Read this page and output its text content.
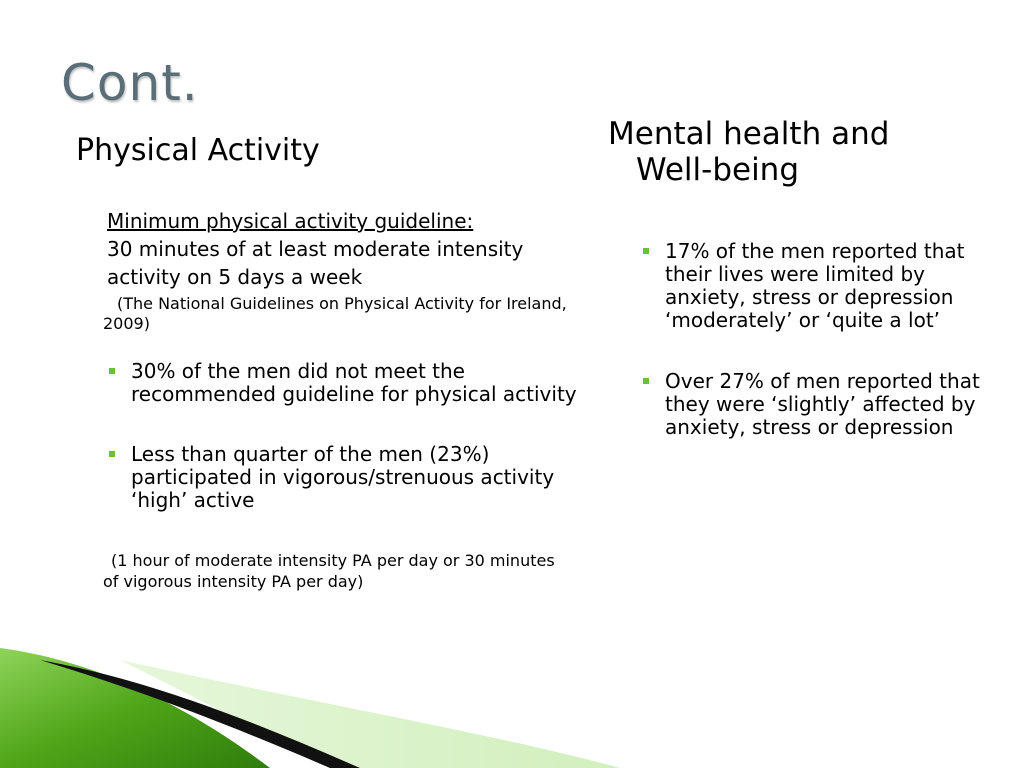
Cont.
Physical Activity	Mental health and
Well-being
Minimum physical activity guideline:
30 minutes of at least moderate intensity activity on 5 days a week
(The National Guidelines on Physical Activity for Ireland, 2009)
30% of the men did not meet the recommended guideline for physical activity
Less than quarter of the men (23%) participated in vigorous/strenuous activity ‘high’ active
(1 hour of moderate intensity PA per day or 30 minutes of vigorous intensity PA per day)
17% of the men reported that their lives were limited by anxiety, stress or depression ‘moderately’ or ‘quite a lot’
Over 27% of men reported that they were ‘slightly’ affected by anxiety, stress or depression
